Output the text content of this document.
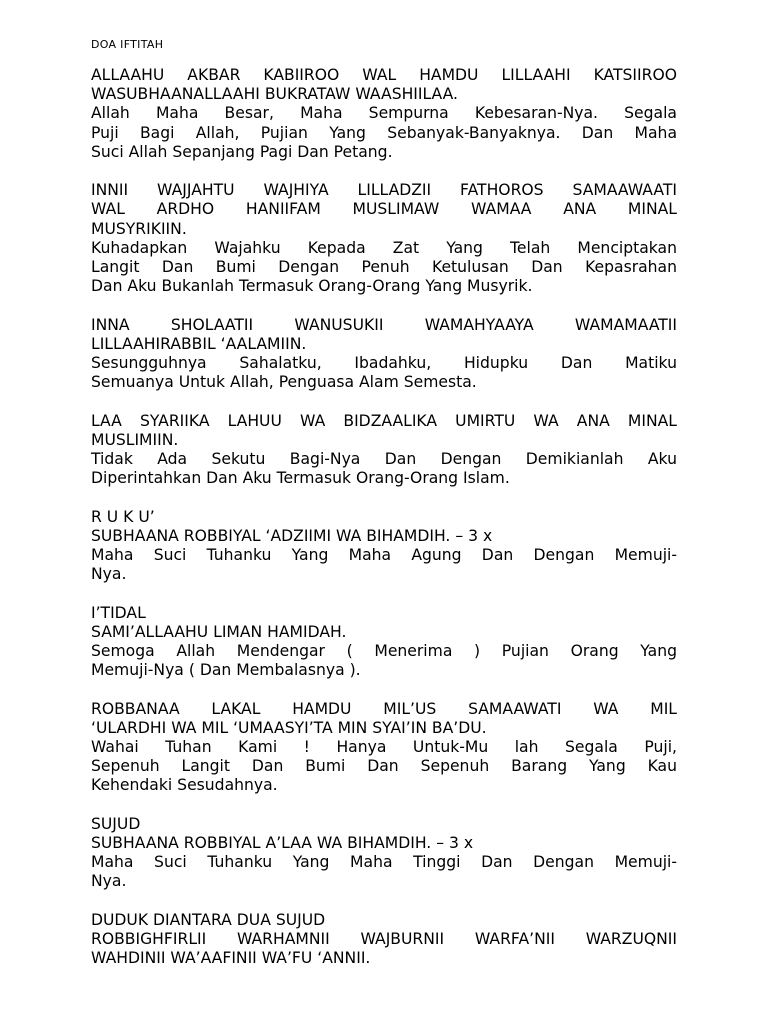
DOA IFTITAH
ALLAAHU AKBAR KABIIROO WAL HAMDU LILLAAHI KATSIIROO
WASUBHAANALLAAHI BUKRATAW WAASHIILAA.
Allah Maha Besar, Maha Sempurna Kebesaran-Nya. Segala
Puji Bagi Allah, Pujian Yang Sebanyak-Banyaknya. Dan Maha
Suci Allah Sepanjang Pagi Dan Petang.
INNII WAJJAHTU WAJHIYA LILLADZII FATHOROS SAMAAWAATI
WAL ARDHO HANIIFAM MUSLIMAW WAMAA ANA MINAL
MUSYRIKIIN.
Kuhadapkan Wajahku Kepada Zat Yang Telah Menciptakan
Langit Dan Bumi Dengan Penuh Ketulusan Dan Kepasrahan
Dan Aku Bukanlah Termasuk Orang-Orang Yang Musyrik.
INNA SHOLAATII WANUSUKII WAMAHYAAYA WAMAMAATII
LILLAAHIRABBIL ‘AALAMIIN.
Sesungguhnya Sahalatku, Ibadahku, Hidupku Dan Matiku
Semuanya Untuk Allah, Penguasa Alam Semesta.
LAA SYARIIKA LAHUU WA BIDZAALIKA UMIRTU WA ANA MINAL
MUSLIMIIN.
Tidak Ada Sekutu Bagi-Nya Dan Dengan Demikianlah Aku
Diperintahkan Dan Aku Termasuk Orang-Orang Islam.
R U K U’
SUBHAANA ROBBIYAL ‘ADZIIMI WA BIHAMDIH. – 3 x
Maha Suci Tuhanku Yang Maha Agung Dan Dengan Memuji-
Nya.
I’TIDAL
SAMI’ALLAAHU LIMAN HAMIDAH.
Semoga Allah Mendengar ( Menerima ) Pujian Orang Yang
Memuji-Nya ( Dan Membalasnya ).
ROBBANAA LAKAL HAMDU MIL’US SAMAAWATI WA MIL
‘ULARDHI WA MIL ‘UMAASYI’TA MIN SYAI’IN BA’DU.
Wahai Tuhan Kami ! Hanya Untuk-Mu lah Segala Puji,
Sepenuh Langit Dan Bumi Dan Sepenuh Barang Yang Kau
Kehendaki Sesudahnya.
SUJUD
SUBHAANA ROBBIYAL A’LAA WA BIHAMDIH. – 3 x
Maha Suci Tuhanku Yang Maha Tinggi Dan Dengan Memuji-
Nya.
DUDUK DIANTARA DUA SUJUD
ROBBIGHFIRLII WARHAMNII WAJBURNII WARFA’NII WARZUQNII
WAHDINII WA’AAFINII WA’FU ‘ANNII.
